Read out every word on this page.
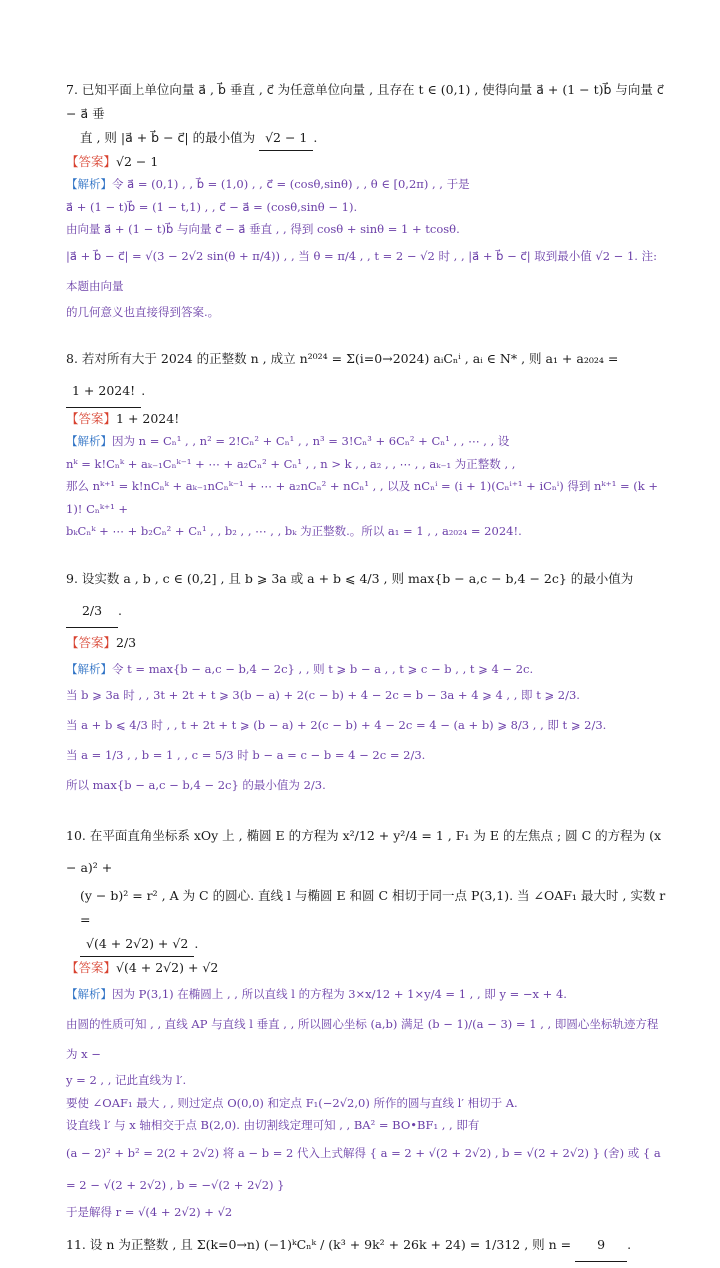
7. 已知平面上单位向量 a⃗ , b⃗ 垂直 , c⃗ 为任意单位向量 , 且存在 t ∈ (0,1) , 使得向量 a⃗ + (1 − t)b⃗ 与向量 c⃗ − a⃗ 垂
直 , 则 |a⃗ + b⃗ − c⃗| 的最小值为 √2 − 1 .
【答案】√2 − 1
【解析】令 a⃗ = (0,1) , , b⃗ = (1,0) , , c⃗ = (cosθ,sinθ) , , θ ∈ [0,2π) , , 于是
a⃗ + (1 − t)b⃗ = (1 − t,1) , , c⃗ − a⃗ = (cosθ,sinθ − 1).
由向量 a⃗ + (1 − t)b⃗ 与向量 c⃗ − a⃗ 垂直 , , 得到 cosθ + sinθ = 1 + tcosθ.
|a⃗ + b⃗ − c⃗| = √(3 − 2√2 sin(θ + π/4)) , , 当 θ = π/4 , , t = 2 − √2 时 , , |a⃗ + b⃗ − c⃗| 取到最小值 √2 − 1. 注:本题由向量
的几何意义也直接得到答案.。
8. 若对所有大于 2024 的正整数 n , 成立 n²⁰²⁴ = Σ(i=0→2024) aᵢCₙⁱ , aᵢ ∈ N* , 则 a₁ + a₂₀₂₄ = 1 + 2024! .
【答案】1 + 2024!
【解析】因为 n = Cₙ¹ , , n² = 2!Cₙ² + Cₙ¹ , , n³ = 3!Cₙ³ + 6Cₙ² + Cₙ¹ , , ⋯ , , 设
nᵏ = k!Cₙᵏ + aₖ₋₁Cₙᵏ⁻¹ + ⋯ + a₂Cₙ² + Cₙ¹ , , n > k , , a₂ , , ⋯ , , aₖ₋₁ 为正整数 , ,
那么 nᵏ⁺¹ = k!nCₙᵏ + aₖ₋₁nCₙᵏ⁻¹ + ⋯ + a₂nCₙ² + nCₙ¹ , , 以及 nCₙⁱ = (i + 1)(Cₙⁱ⁺¹ + iCₙⁱ) 得到 nᵏ⁺¹ = (k + 1)! Cₙᵏ⁺¹ +
bₖCₙᵏ + ⋯ + b₂Cₙ² + Cₙ¹ , , b₂ , , ⋯ , , bₖ 为正整数.。所以 a₁ = 1 , , a₂₀₂₄ = 2024!.
9. 设实数 a , b , c ∈ (0,2] , 且 b ⩾ 3a 或 a + b ⩽ 4/3 , 则 max{b − a,c − b,4 − 2c} 的最小值为 2/3 .
【答案】2/3
【解析】令 t = max{b − a,c − b,4 − 2c} , , 则 t ⩾ b − a , , t ⩾ c − b , , t ⩾ 4 − 2c.
当 b ⩾ 3a 时 , , 3t + 2t + t ⩾ 3(b − a) + 2(c − b) + 4 − 2c = b − 3a + 4 ⩾ 4 , , 即 t ⩾ 2/3.
当 a + b ⩽ 4/3 时 , , t + 2t + t ⩾ (b − a) + 2(c − b) + 4 − 2c = 4 − (a + b) ⩾ 8/3 , , 即 t ⩾ 2/3.
当 a = 1/3 , , b = 1 , , c = 5/3 时 b − a = c − b = 4 − 2c = 2/3.
所以 max{b − a,c − b,4 − 2c} 的最小值为 2/3.
10. 在平面直角坐标系 xOy 上 , 椭圆 E 的方程为 x²/12 + y²/4 = 1 , F₁ 为 E 的左焦点 ; 圆 C 的方程为 (x − a)² +
(y − b)² = r² , A 为 C 的圆心. 直线 l 与椭圆 E 和圆 C 相切于同一点 P(3,1). 当 ∠OAF₁ 最大时 , 实数 r =
√(4 + 2√2) + √2 .
【答案】√(4 + 2√2) + √2
【解析】因为 P(3,1) 在椭圆上 , , 所以直线 l 的方程为 3×x/12 + 1×y/4 = 1 , , 即 y = −x + 4.
由圆的性质可知 , , 直线 AP 与直线 l 垂直 , , 所以圆心坐标 (a,b) 满足 (b − 1)/(a − 3) = 1 , , 即圆心坐标轨迹方程为 x −
y = 2 , , 记此直线为 l′.
要使 ∠OAF₁ 最大 , , 则过定点 O(0,0) 和定点 F₁(−2√2,0) 所作的圆与直线 l′ 相切于 A.
设直线 l′ 与 x 轴相交于点 B(2,0). 由切割线定理可知 , , BA² = BO•BF₁ , , 即有
(a − 2)² + b² = 2(2 + 2√2) 将 a − b = 2 代入上式解得 { a = 2 + √(2 + 2√2) , b = √(2 + 2√2) } (舍) 或 { a = 2 − √(2 + 2√2) , b = −√(2 + 2√2) }
于是解得 r = √(4 + 2√2) + √2
11. 设 n 为正整数 , 且 Σ(k=0→n) (−1)ᵏCₙᵏ / (k³ + 9k² + 26k + 24) = 1/312 , 则 n = 9 .
